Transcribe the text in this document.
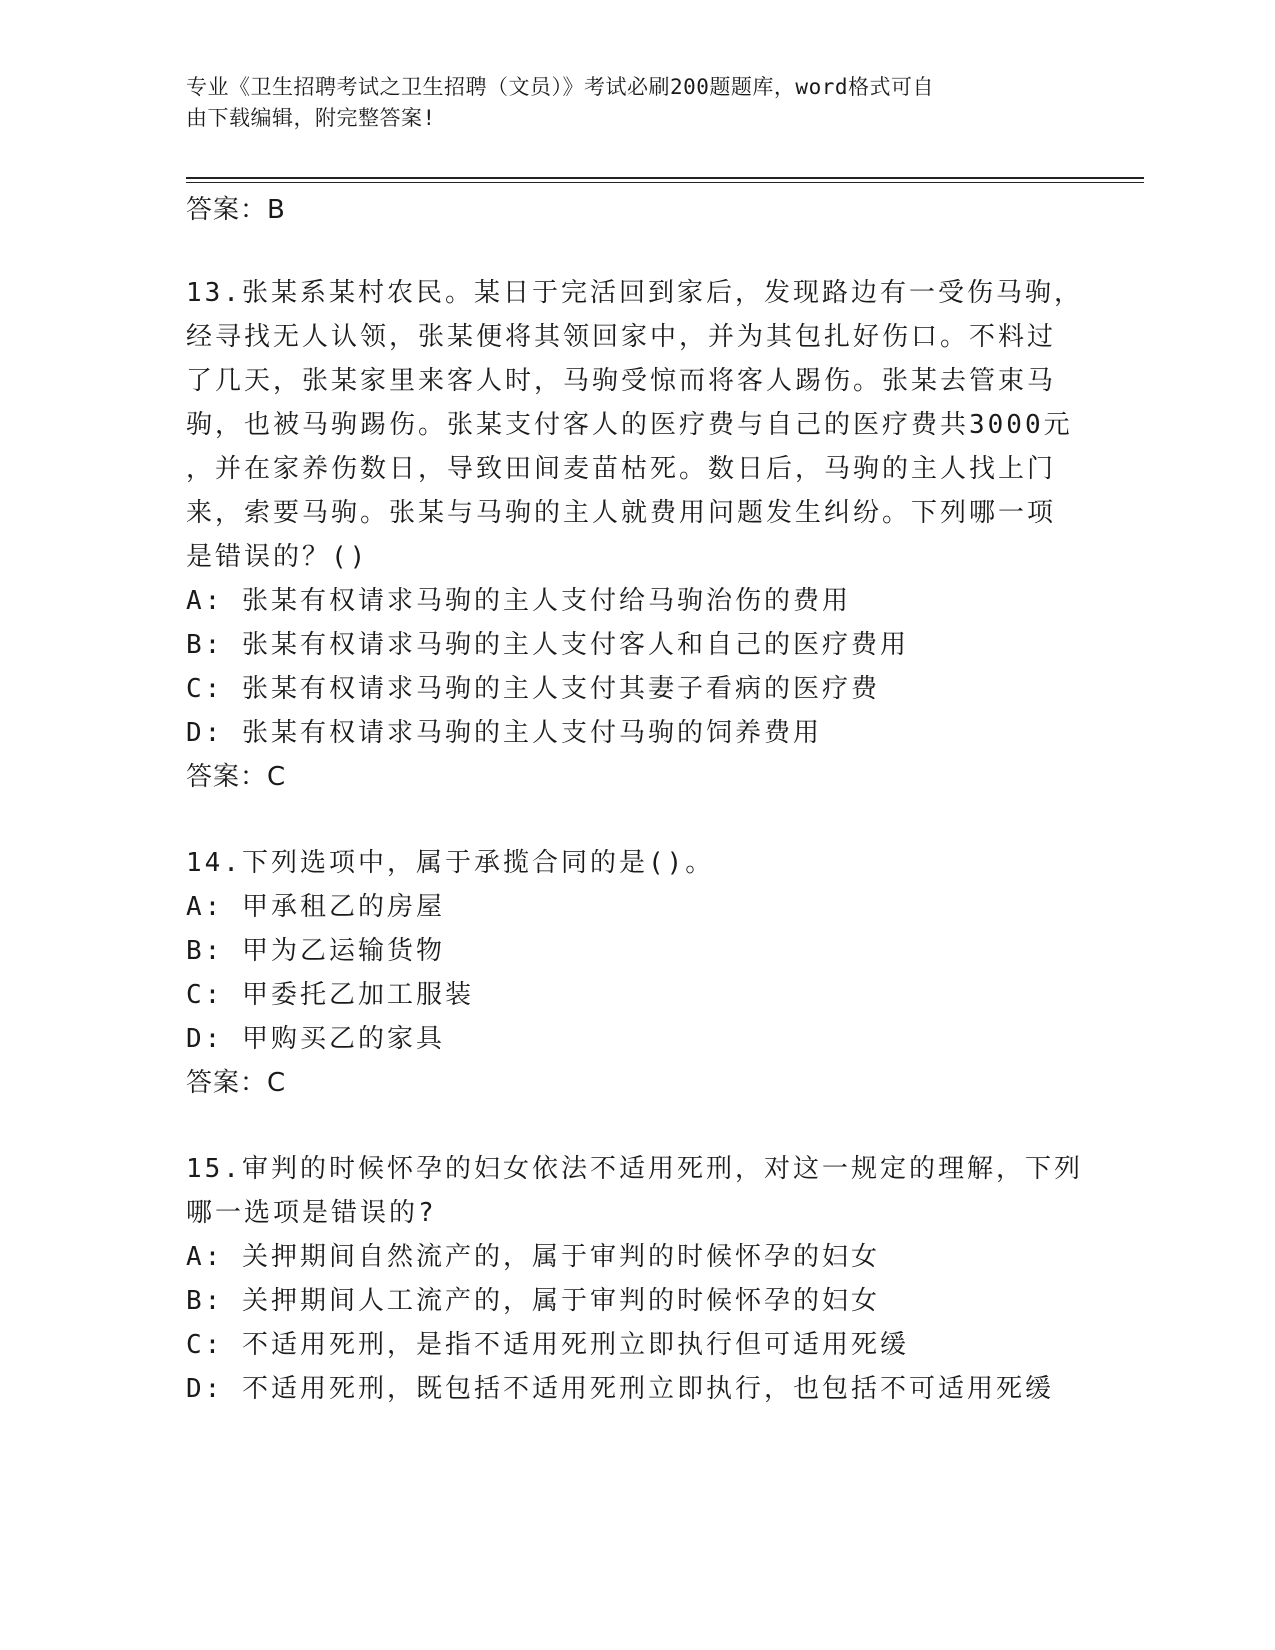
专业《卫生招聘考试之卫生招聘（文员）》考试必刷200题题库，word格式可自
由下载编辑，附完整答案!
答案：B
13.张某系某村农民。某日于完活回到家后，发现路边有一受伤马驹，
经寻找无人认领，张某便将其领回家中，并为其包扎好伤口。不料过
了几天，张某家里来客人时，马驹受惊而将客人踢伤。张某去管束马
驹，也被马驹踢伤。张某支付客人的医疗费与自己的医疗费共3000元
，并在家养伤数日，导致田间麦苗枯死。数日后，马驹的主人找上门
来，索要马驹。张某与马驹的主人就费用问题发生纠纷。下列哪一项
是错误的？()
A: 张某有权请求马驹的主人支付给马驹治伤的费用
B: 张某有权请求马驹的主人支付客人和自己的医疗费用
C: 张某有权请求马驹的主人支付其妻子看病的医疗费
D: 张某有权请求马驹的主人支付马驹的饲养费用
答案：C
14.下列选项中，属于承揽合同的是()。
A: 甲承租乙的房屋
B: 甲为乙运输货物
C: 甲委托乙加工服装
D: 甲购买乙的家具
答案：C
15.审判的时候怀孕的妇女依法不适用死刑，对这一规定的理解，下列
哪一选项是错误的?
A: 关押期间自然流产的，属于审判的时候怀孕的妇女
B: 关押期间人工流产的，属于审判的时候怀孕的妇女
C: 不适用死刑，是指不适用死刑立即执行但可适用死缓
D: 不适用死刑，既包括不适用死刑立即执行，也包括不可适用死缓
